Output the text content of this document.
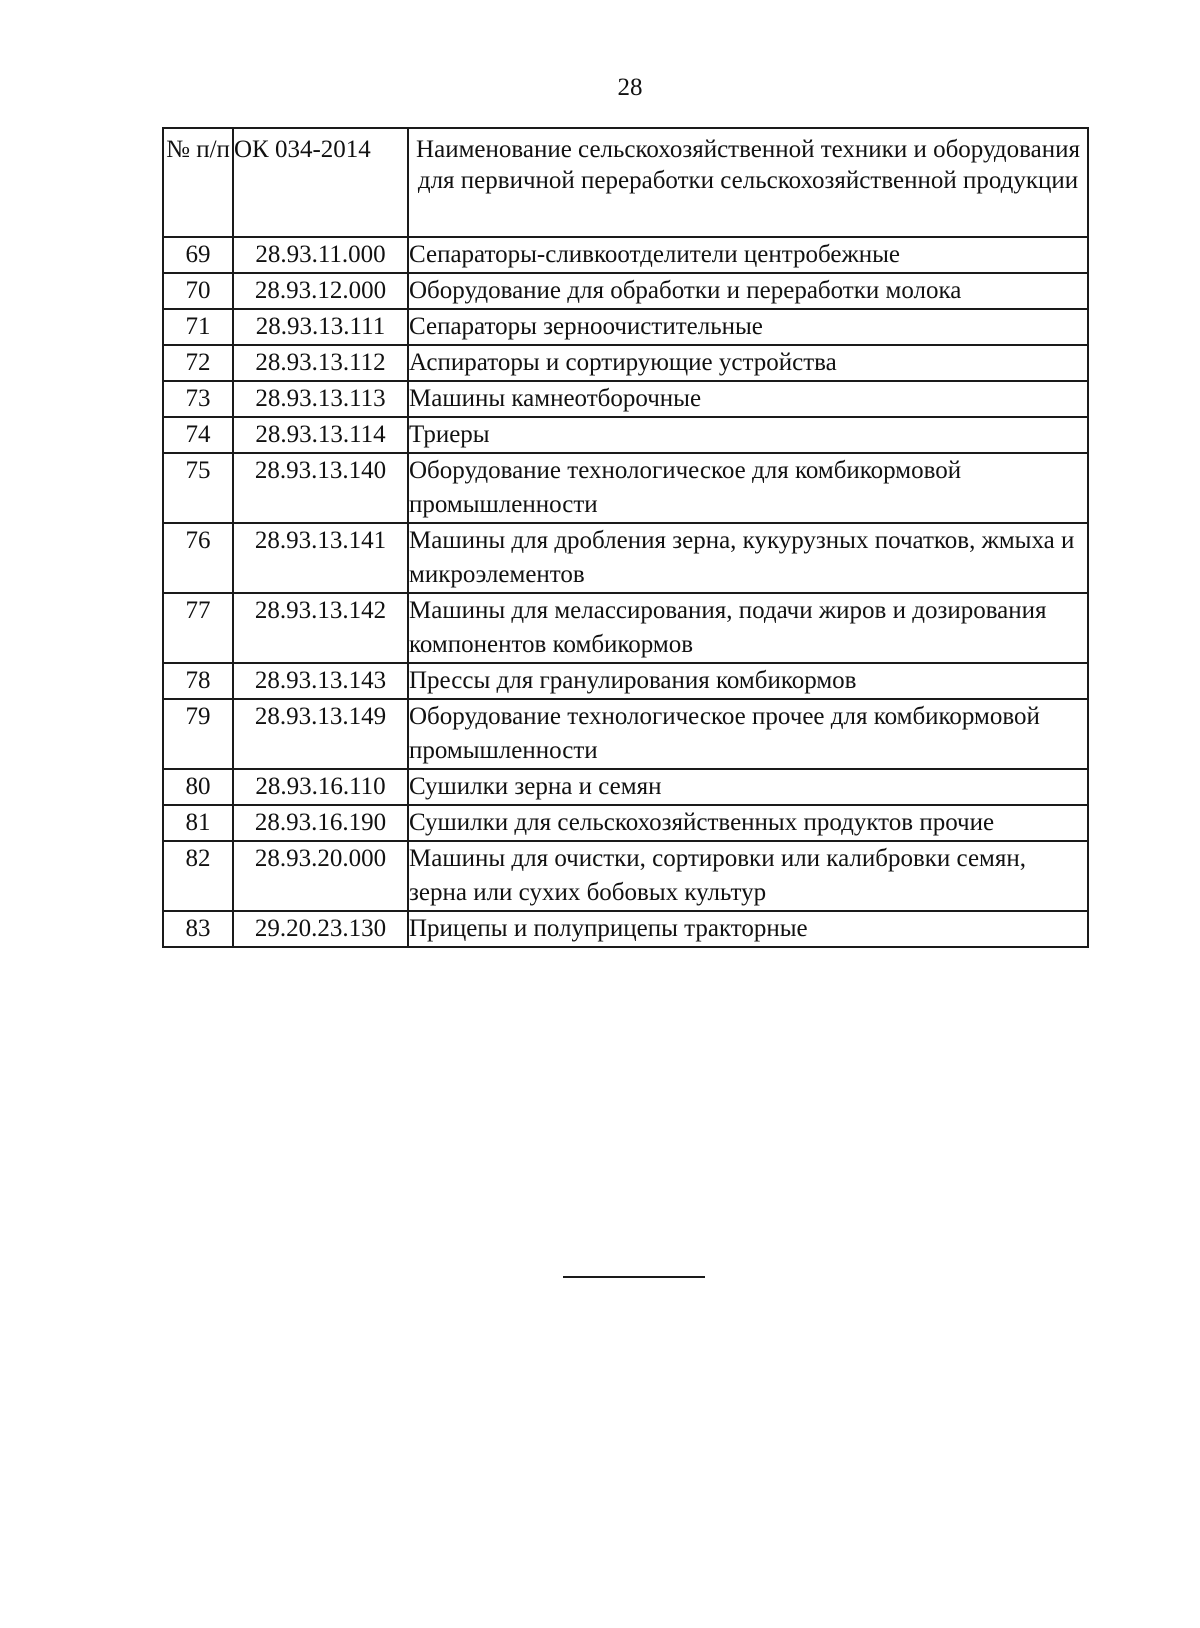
28
№ п/п	ОК 034-2014	Наименование сельскохозяйственной техники и оборудования для первичной переработки сельскохозяйственной продукции
69	28.93.11.000	Сепараторы-сливкоотделители центробежные
70	28.93.12.000	Оборудование для обработки и переработки молока
71	28.93.13.111	Сепараторы зерноочистительные
72	28.93.13.112	Аспираторы и сортирующие устройства
73	28.93.13.113	Машины камнеотборочные
74	28.93.13.114	Триеры
75	28.93.13.140	Оборудование технологическое для комбикормовой промышленности
76	28.93.13.141	Машины для дробления зерна, кукурузных початков, жмыха и микроэлементов
77	28.93.13.142	Машины для мелассирования, подачи жиров и дозирования компонентов комбикормов
78	28.93.13.143	Прессы для гранулирования комбикормов
79	28.93.13.149	Оборудование технологическое прочее для комбикормовой промышленности
80	28.93.16.110	Сушилки зерна и семян
81	28.93.16.190	Сушилки для сельскохозяйственных продуктов прочие
82	28.93.20.000	Машины для очистки, сортировки или калибровки семян, зерна или сухих бобовых культур
83	29.20.23.130	Прицепы и полуприцепы тракторные
